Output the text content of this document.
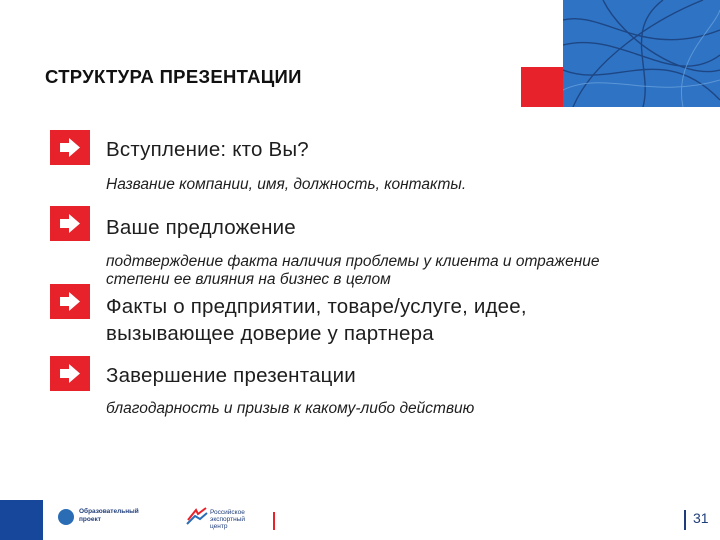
СТРУКТУРА ПРЕЗЕНТАЦИИ
Вступление: кто Вы?
Название компании, имя, должность, контакты.
Ваше предложение
подтверждение факта наличия проблемы у клиента и отражение
степени ее влияния на бизнес в целом
Факты о предприятии, товаре/услуге, идее,
вызывающее доверие у партнера
Завершение презентации
благодарность и призыв к какому-либо действию
Образовательный
проект
Российское
экспортный
центр
31
